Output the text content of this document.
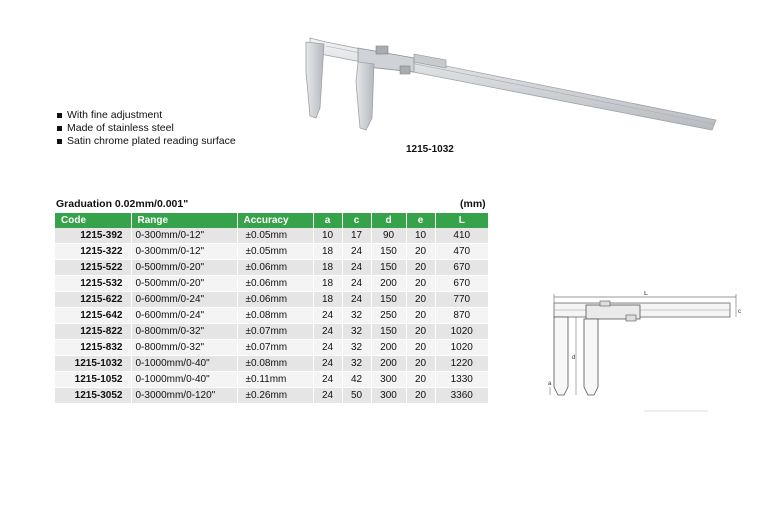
With fine adjustment
Made of stainless steel
Satin chrome plated reading surface
1215-1032
Graduation 0.02mm/0.001"	(mm)
Code	Range	Accuracy	a	c	d	e	L
1215-392	0-300mm/0-12"	±0.05mm	10	17	90	10	410
1215-322	0-300mm/0-12"	±0.05mm	18	24	150	20	470
1215-522	0-500mm/0-20"	±0.06mm	18	24	150	20	670
1215-532	0-500mm/0-20"	±0.06mm	18	24	200	20	670
1215-622	0-600mm/0-24"	±0.06mm	18	24	150	20	770
1215-642	0-600mm/0-24"	±0.08mm	24	32	250	20	870
1215-822	0-800mm/0-32"	±0.07mm	24	32	150	20	1020
1215-832	0-800mm/0-32"	±0.07mm	24	32	200	20	1020
1215-1032	0-1000mm/0-40"	±0.08mm	24	32	200	20	1220
1215-1052	0-1000mm/0-40"	±0.11mm	24	42	300	20	1330
1215-3052	0-3000mm/0-120"	±0.26mm	24	50	300	20	3360
L
c
d
a
